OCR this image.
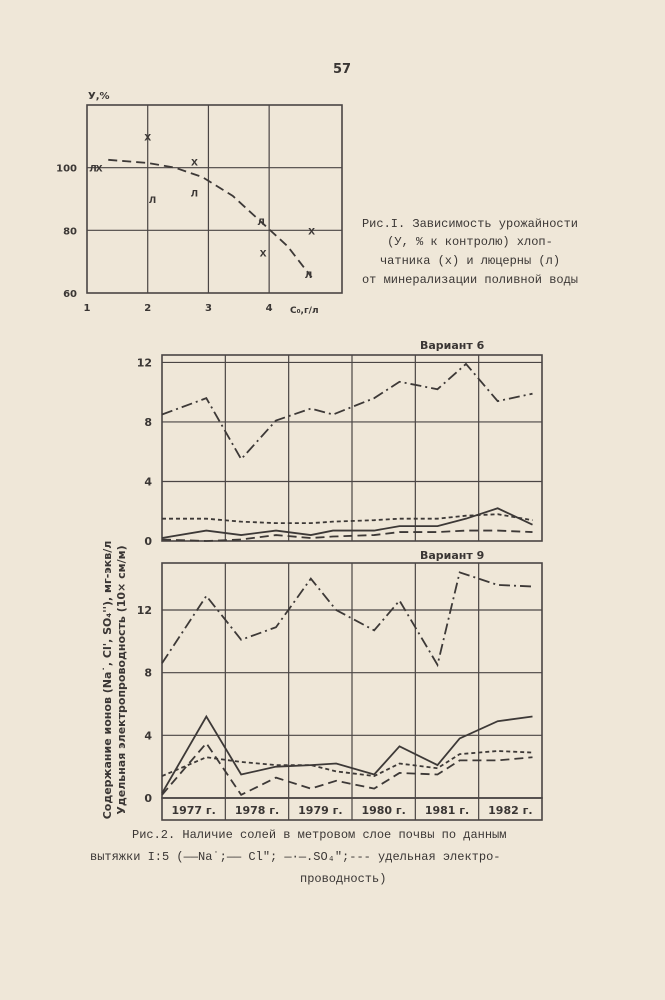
57
У,%
C₀,г/л
1	2	3	4
60
80
100 х
х
х
х
х
л
л	л
л
л
Рис.I. Зависимость урожайности
(У, % к контролю) хлоп-
чатника (х) и люцерны (л)
от минерализации поливной воды
Вариант 6
Вариант 9
Содержание ионов (Na˙, Cl', SO₄''), мг-экв/л Удельная электропроводность (10× см/м)
0
4
8
12
0
4
8
12
1977 г. 1978 г. 1979 г. 1980 г. 1981 г. 1982 г.
Рис.2. Наличие солей в метровом слое почвы по данным
вытяжки I:5 (——Na˙;—— Cl″; —·—.SO₄″;--- удельная электро-
проводность)
